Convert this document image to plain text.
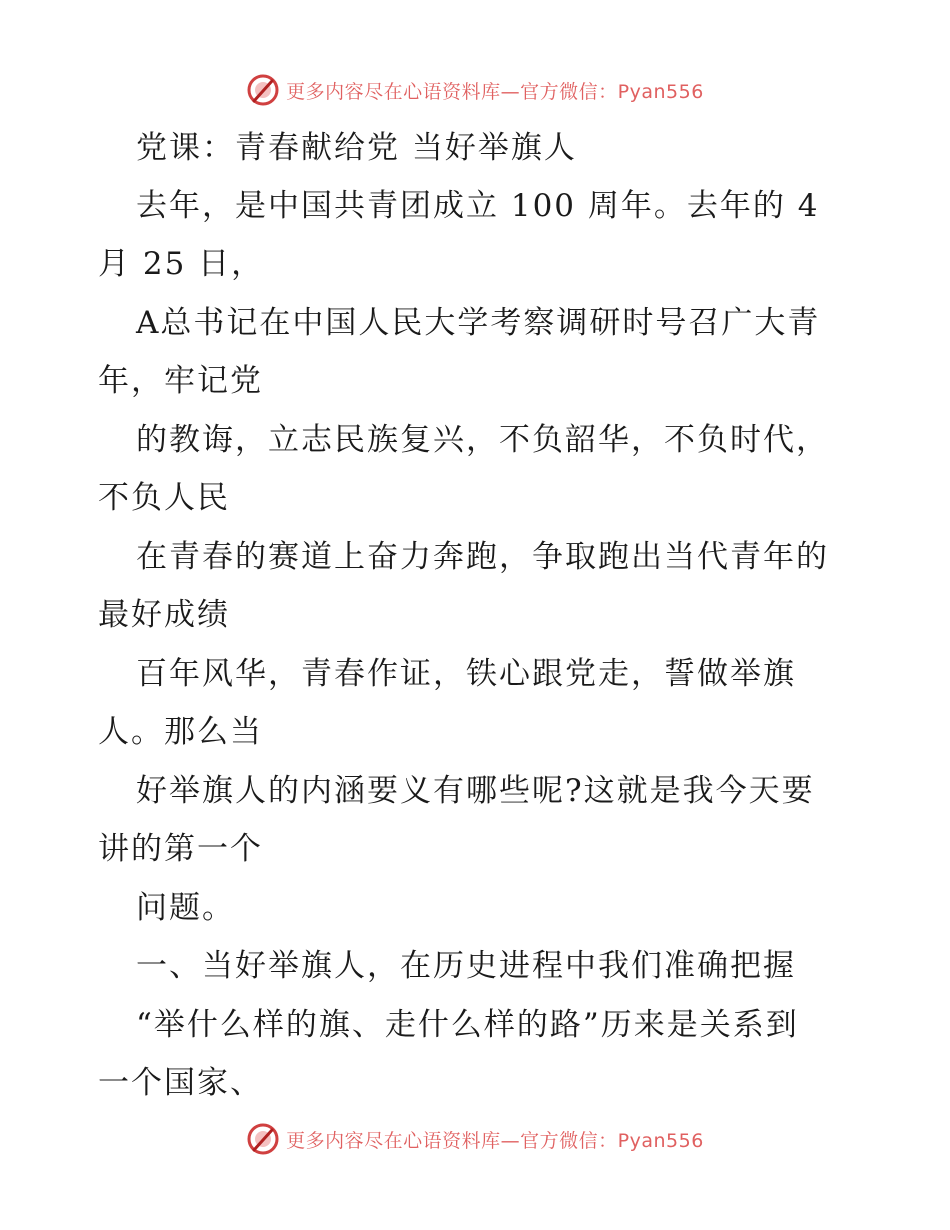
更多内容尽在心语资料库—官方微信：Pyan556
党课：青春献给党 当好举旗人
去年，是中国共青团成立 100 周年。去年的 4
月 25 日，
A总书记在中国人民大学考察调研时号召广大青
年，牢记党
的教诲，立志民族复兴，不负韶华，不负时代，
不负人民
在青春的赛道上奋力奔跑，争取跑出当代青年的
最好成绩
百年风华，青春作证，铁心跟党走，誓做举旗
人。那么当
好举旗人的内涵要义有哪些呢?这就是我今天要
讲的第一个
问题。
一、当好举旗人，在历史进程中我们准确把握
“举什么样的旗、走什么样的路”历来是关系到
一个国家、
更多内容尽在心语资料库—官方微信：Pyan556
